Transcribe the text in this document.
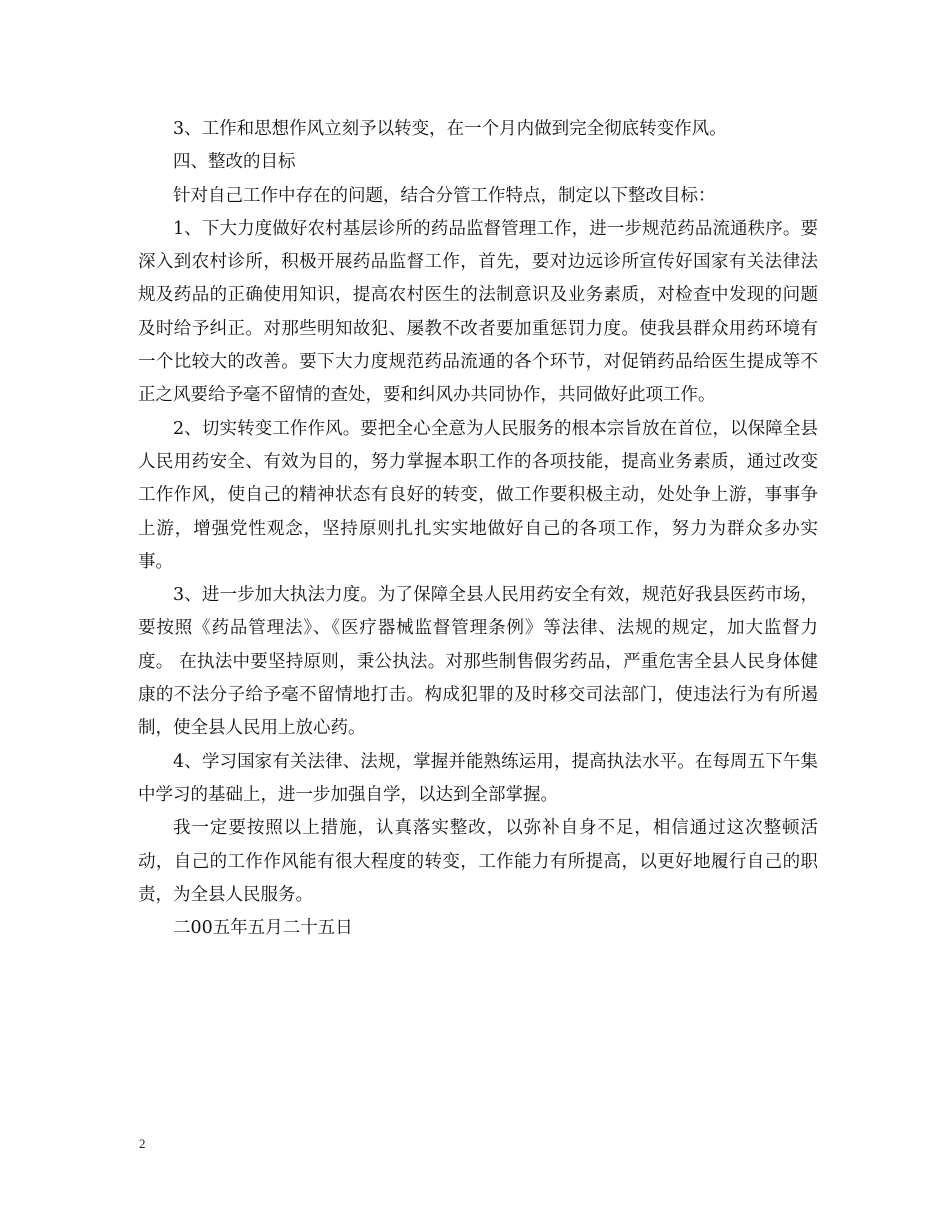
3、工作和思想作风立刻予以转变，在一个月内做到完全彻底转变作风。

四、整改的目标

针对自己工作中存在的问题，结合分管工作特点，制定以下整改目标：

1、下大力度做好农村基层诊所的药品监督管理工作，进一步规范药品流通秩序。要深入到农村诊所，积极开展药品监督工作，首先，要对边远诊所宣传好国家有关法律法规及药品的正确使用知识，提高农村医生的法制意识及业务素质，对检查中发现的问题及时给予纠正。对那些明知故犯、屡教不改者要加重惩罚力度。使我县群众用药环境有一个比较大的改善。要下大力度规范药品流通的各个环节，对促销药品给医生提成等不正之风要给予毫不留情的查处，要和纠风办共同协作，共同做好此项工作。

2、切实转变工作作风。要把全心全意为人民服务的根本宗旨放在首位，以保障全县人民用药安全、有效为目的，努力掌握本职工作的各项技能，提高业务素质，通过改变工作作风，使自己的精神状态有良好的转变，做工作要积极主动，处处争上游，事事争上游，增强党性观念，坚持原则扎扎实实地做好自己的各项工作，努力为群众多办实事。

3、进一步加大执法力度。为了保障全县人民用药安全有效，规范好我县医药市场，要按照《药品管理法》、《医疗器械监督管理条例》等法律、法规的规定，加大监督力度。 在执法中要坚持原则，秉公执法。对那些制售假劣药品，严重危害全县人民身体健康的不法分子给予毫不留情地打击。构成犯罪的及时移交司法部门，使违法行为有所遏制，使全县人民用上放心药。

4、学习国家有关法律、法规，掌握并能熟练运用，提高执法水平。在每周五下午集中学习的基础上，进一步加强自学，以达到全部掌握。

我一定要按照以上措施，认真落实整改，以弥补自身不足，相信通过这次整顿活动，自己的工作作风能有很大程度的转变，工作能力有所提高，以更好地履行自己的职责，为全县人民服务。

二00五年五月二十五日

2
